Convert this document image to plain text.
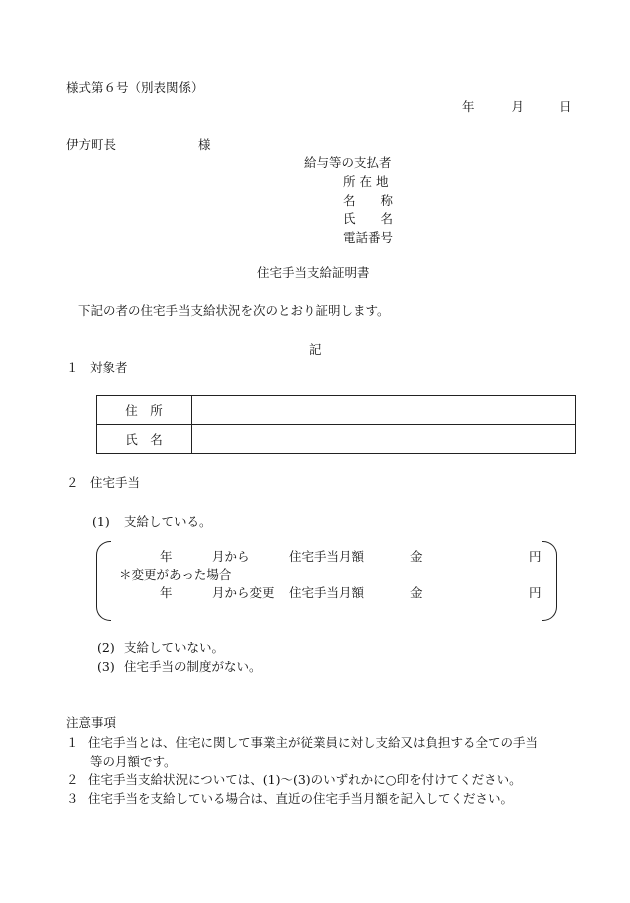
様式第６号（別表関係）
年	月	日
伊方町長	様
給与等の支払者
所 在 地
名　　称
氏　　名
電話番号
住宅手当支給証明書
下記の者の住宅手当支給状況を次のとおり証明します。
記
１ 対象者
住　所	
氏　名	
２ 住宅手当
(1) 支給している。
年	月から	住宅手当月額	金	円
＊変更があった場合
年	月から変更 住宅手当月額	金	円
(2) 支給していない。
(3) 住宅手当の制度がない。
注意事項
１ 住宅手当とは、住宅に関して事業主が従業員に対し支給又は負担する全ての手当
等の月額です。
２ 住宅手当支給状況については、(1)～(3)のいずれかに○印を付けてください。
３ 住宅手当を支給している場合は、直近の住宅手当月額を記入してください。
